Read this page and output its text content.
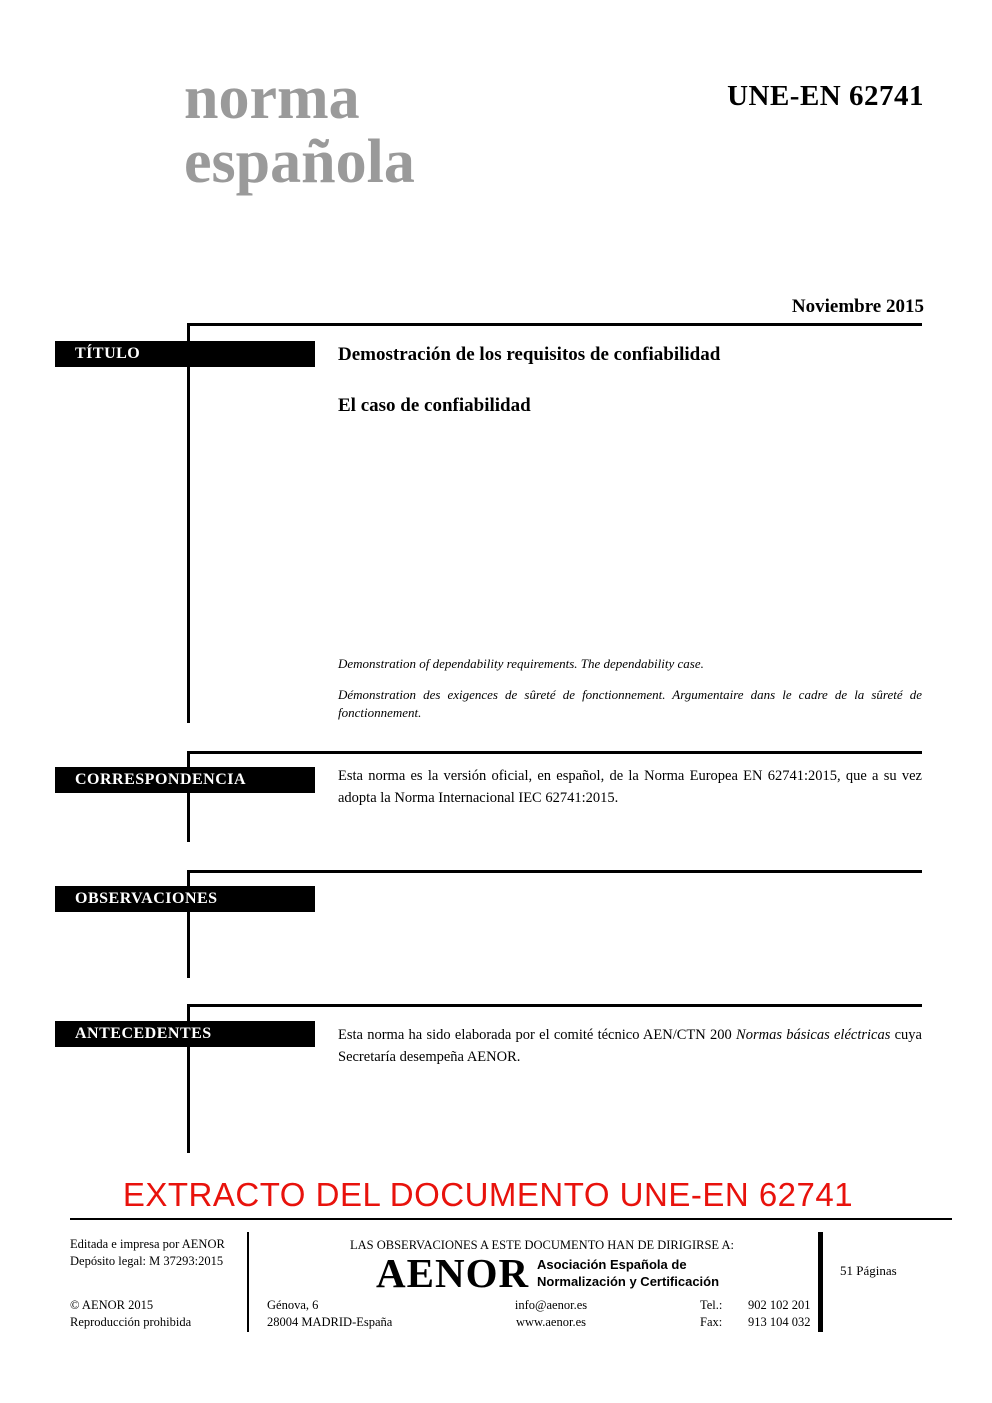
norma
española
UNE-EN 62741
Noviembre 2015
TÍTULO	Demostración de los requisitos de confiabilidad
El caso de confiabilidad
Demonstration of dependability requirements. The dependability case.
Démonstration des exigences de sûreté de fonctionnement. Argumentaire dans le cadre de la sûreté de fonctionnement.
CORRESPONDENCIA	Esta norma es la versión oficial, en español, de la Norma Europea EN 62741:2015, que a su vez adopta la Norma Internacional IEC 62741:2015.
OBSERVACIONES
ANTECEDENTES	Esta norma ha sido elaborada por el comité técnico AEN/CTN 200 Normas básicas eléctricas cuya Secretaría desempeña AENOR.
EXTRACTO DEL DOCUMENTO UNE-EN 62741
Editada e impresa por AENOR
Depósito legal: M 37293:2015
© AENOR 2015
Reproducción prohibida
LAS OBSERVACIONES A ESTE DOCUMENTO HAN DE DIRIGIRSE A:
AENOR Asociación Española de
Normalización y Certificación
Génova, 6
28004 MADRID-España
info@aenor.es
www.aenor.es
Tel.:	902 102 201
Fax:	913 104 032
51 Páginas
